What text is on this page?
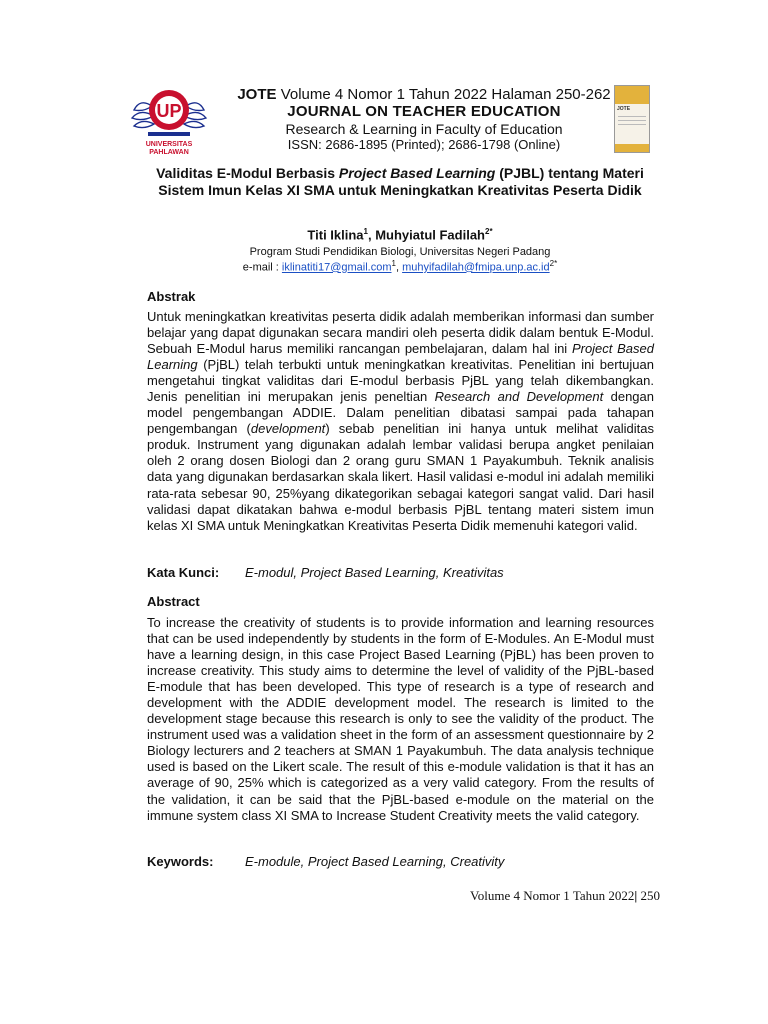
UP
UNIVERSITAS
PAHLAWAN
JOTE Volume 4 Nomor 1 Tahun 2022 Halaman 250-262
JOURNAL ON TEACHER EDUCATION
Research & Learning in Faculty of Education
ISSN: 2686-1895 (Printed); 2686-1798 (Online)
JOTE
Validitas E-Modul Berbasis Project Based Learning (PJBL) tentang Materi Sistem Imun Kelas XI SMA untuk Meningkatkan Kreativitas Peserta Didik
Titi Iklina$^1$, Muhyiatul Fadilah$^{2*}$
Program Studi Pendidikan Biologi, Universitas Negeri Padang
e-mail : iklinatiti17@gmail.com$^1$, $muhyifadilah@fmipa.unp.ac.id^{2*}$
Abstrak
Untuk meningkatkan kreativitas peserta didik adalah memberikan informasi dan sumber belajar yang dapat digunakan secara mandiri oleh peserta didik dalam bentuk E-Modul. Sebuah E-Modul harus memiliki rancangan pembelajaran, dalam hal ini Project Based Learning (PjBL) telah terbukti untuk meningkatkan kreativitas. Penelitian ini bertujuan mengetahui tingkat validitas dari E-modul berbasis PjBL yang telah dikembangkan. Jenis penelitian ini merupakan jenis peneltian Research and Development dengan model pengembangan ADDIE. Dalam penelitian dibatasi sampai pada tahapan pengembangan (development) sebab penelitian ini hanya untuk melihat validitas produk. Instrument yang digunakan adalah lembar validasi berupa angket penilaian oleh 2 orang dosen Biologi dan 2 orang guru SMAN 1 Payakumbuh. Teknik analisis data yang digunakan berdasarkan skala likert. Hasil validasi e-modul ini adalah memiliki rata-rata sebesar 90, 25%yang dikategorikan sebagai kategori sangat valid. Dari hasil validasi dapat dikatakan bahwa e-modul berbasis PjBL tentang materi sistem imun kelas XI SMA untuk Meningkatkan Kreativitas Peserta Didik memenuhi kategori valid.
Kata Kunci: E-modul, Project Based Learning, Kreativitas
Abstract
To increase the creativity of students is to provide information and learning resources that can be used independently by students in the form of E-Modules. An E-Modul must have a learning design, in this case Project Based Learning (PjBL) has been proven to increase creativity. This study aims to determine the level of validity of the PjBL-based E-module that has been developed. This type of research is a type of research and development with the ADDIE development model. The research is limited to the development stage because this research is only to see the validity of the product. The instrument used was a validation sheet in the form of an assessment questionnaire by 2 Biology lecturers and 2 teachers at SMAN 1 Payakumbuh. The data analysis technique used is based on the Likert scale. The result of this e-module validation is that it has an average of 90, 25% which is categorized as a very valid category. From the results of the validation, it can be said that the PjBL-based e-module on the material on the immune system class XI SMA to Increase Student Creativity meets the valid category.
Keywords: E-module, Project Based Learning, Creativity
Volume 4 Nomor 1 Tahun 2022| 250
